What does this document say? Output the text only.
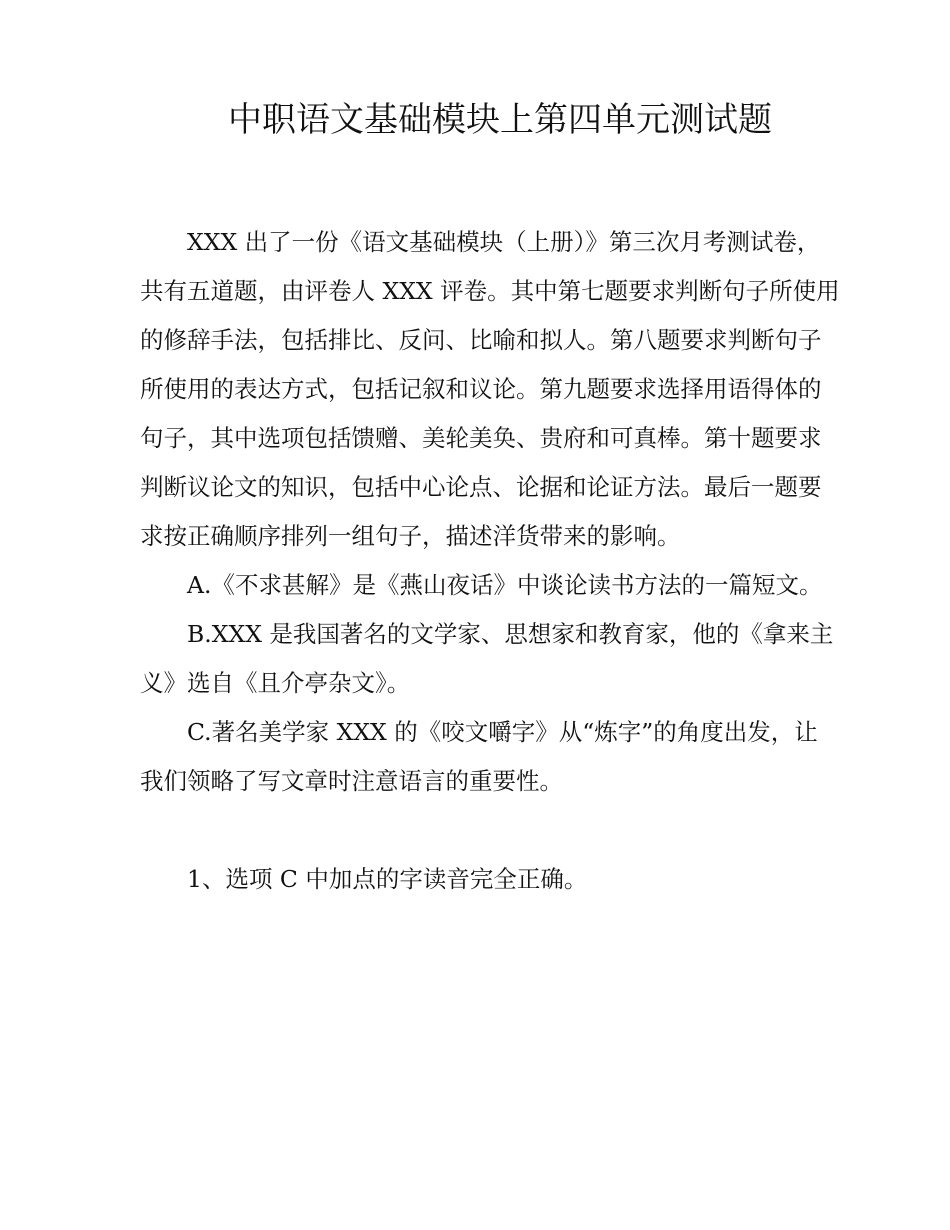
中职语文基础模块上第四单元测试题

XXX 出了一份《语文基础模块（上册）》第三次月考测试卷，共有五道题，由评卷人 XXX 评卷。其中第七题要求判断句子所使用的修辞手法，包括排比、反问、比喻和拟人。第八题要求判断句子所使用的表达方式，包括记叙和议论。第九题要求选择用语得体的句子，其中选项包括馈赠、美轮美奂、贵府和可真棒。第十题要求判断议论文的知识，包括中心论点、论据和论证方法。最后一题要求按正确顺序排列一组句子，描述洋货带来的影响。

A.《不求甚解》是《燕山夜话》中谈论读书方法的一篇短文。

B.XXX 是我国著名的文学家、思想家和教育家，他的《拿来主义》选自《且介亭杂文》。

C.著名美学家 XXX 的《咬文嚼字》从“炼字”的角度出发，让我们领略了写文章时注意语言的重要性。

1、选项 C 中加点的字读音完全正确。
